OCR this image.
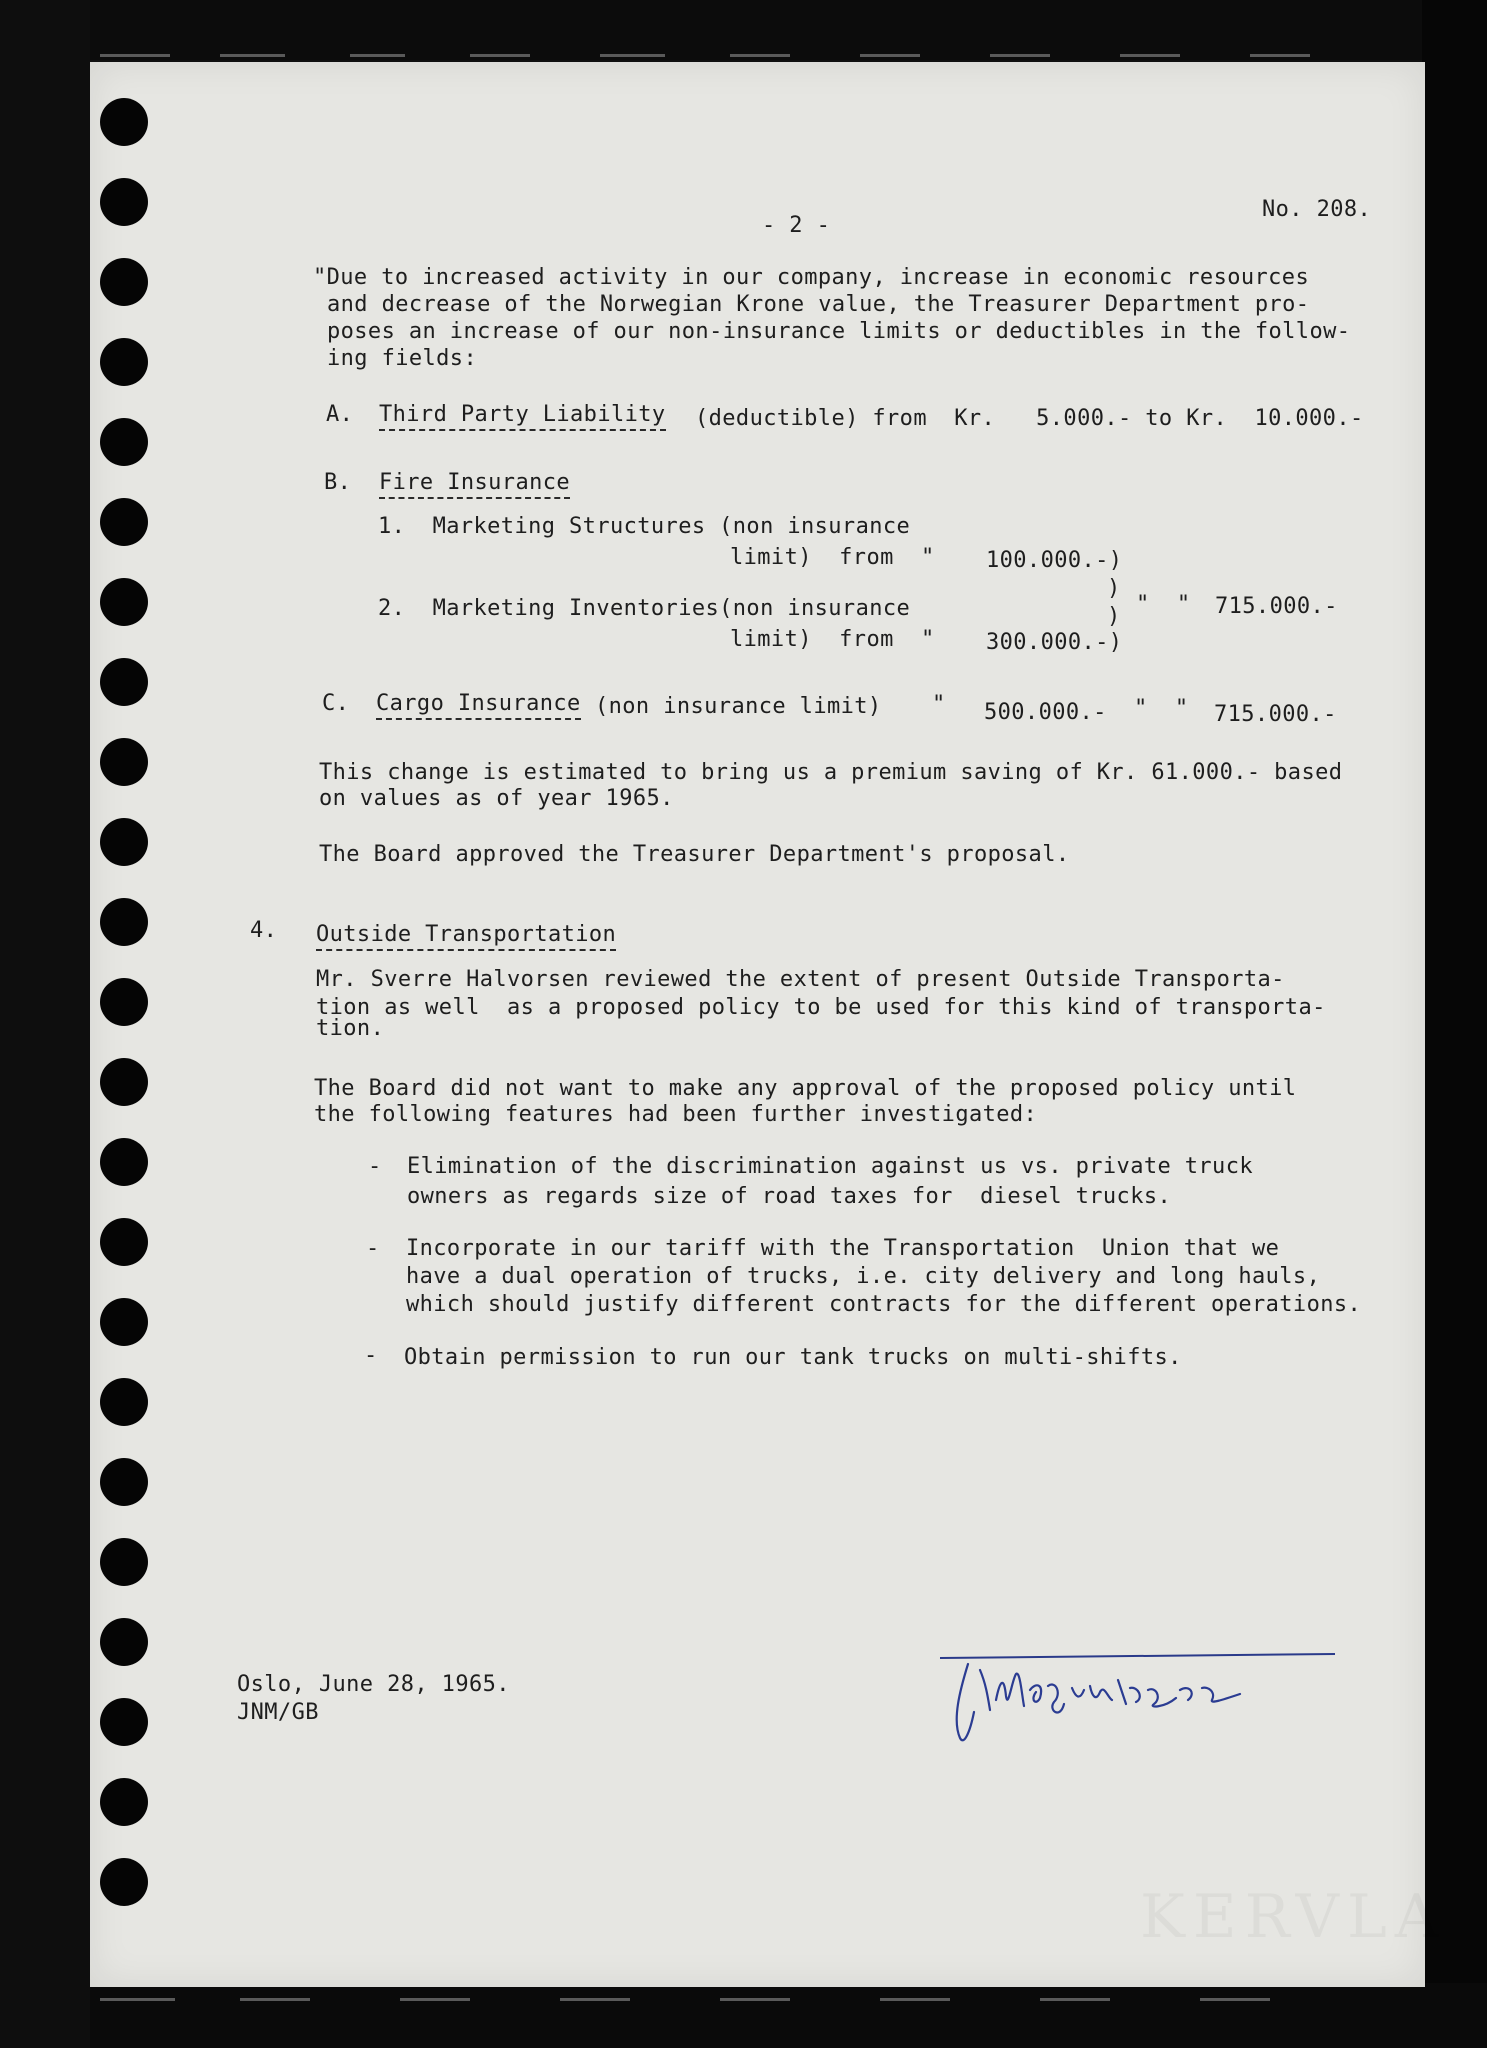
- 2 -
No. 208.
"Due to increased activity in our company, increase in economic resources
and decrease of the Norwegian Krone value, the Treasurer Department pro-
poses an increase of our non-insurance limits or deductibles in the follow-
ing fields:
A. Third Party Liability (deductible) from  Kr.   5.000.- to Kr.  10.000.-
B. Fire Insurance
1.  Marketing Structures (non insurance
limit)  from  " 100.000.-)
)
) "  " 715.000.-
2.  Marketing Inventories(non insurance
limit)  from  " 300.000.-)
C. Cargo Insurance (non insurance limit) " 500.000.- "  " 715.000.-
This change is estimated to bring us a premium saving of Kr. 61.000.- based
on values as of year 1965.
The Board approved the Treasurer Department's proposal.
4. Outside Transportation
Mr. Sverre Halvorsen reviewed the extent of present Outside Transporta-
tion as well  as a proposed policy to be used for this kind of transporta-
tion.
The Board did not want to make any approval of the proposed policy until
the following features had been further investigated:
- Elimination of the discrimination against us vs. private truck
owners as regards size of road taxes for  diesel trucks.
- Incorporate in our tariff with the Transportation  Union that we
have a dual operation of trucks, i.e. city delivery and long hauls,
which should justify different contracts for the different operations.
- Obtain permission to run our tank trucks on multi-shifts.
Oslo, June 28, 1965.
JNM/GB
J Magnusson
